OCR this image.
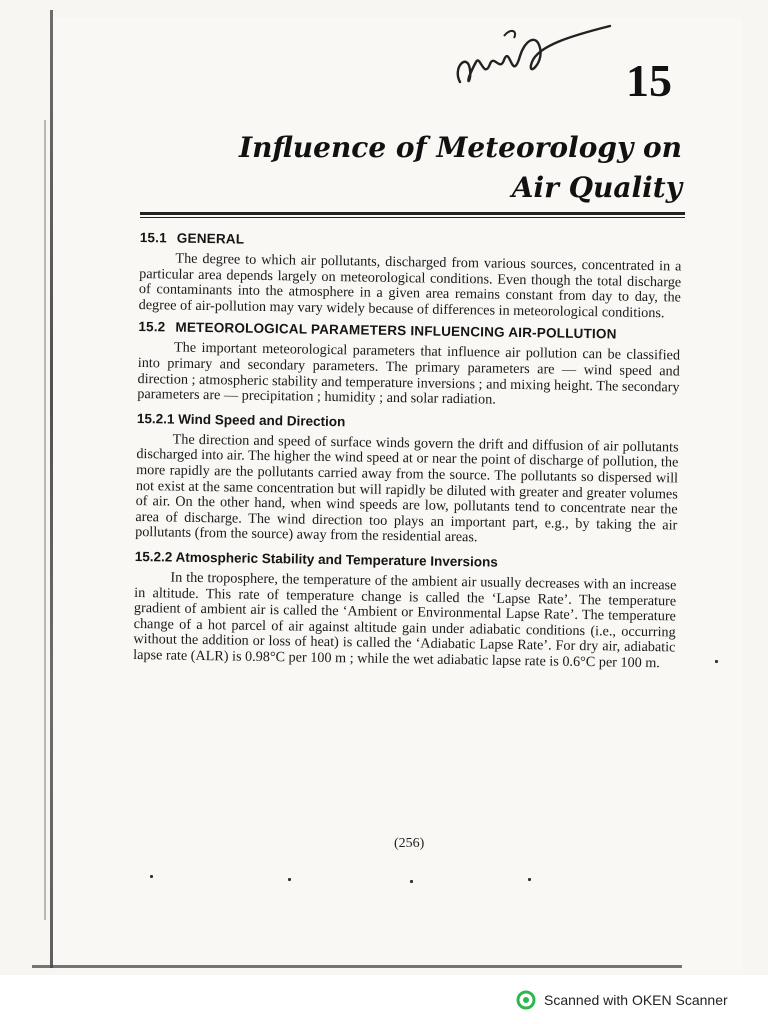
15
Influence of Meteorology on
Air Quality
15.1 GENERAL

The degree to which air pollutants, discharged from various sources, concentrated in a particular area depends largely on meteorological conditions. Even though the total discharge of contaminants into the atmosphere in a given area remains constant from day to day, the degree of air-pollution may vary widely because of differences in meteorological conditions.

15.2 METEOROLOGICAL PARAMETERS INFLUENCING AIR-POLLUTION

The important meteorological parameters that influence air pollution can be classified into primary and secondary parameters. The primary parameters are — wind speed and direction ; atmospheric stability and temperature inversions ; and mixing height. The secondary parameters are — precipitation ; humidity ; and solar radiation.

15.2.1 Wind Speed and Direction

The direction and speed of surface winds govern the drift and diffusion of air pollutants discharged into air. The higher the wind speed at or near the point of discharge of pollution, the more rapidly are the pollutants carried away from the source. The pollutants so dispersed will not exist at the same concentration but will rapidly be diluted with greater and greater volumes of air. On the other hand, when wind speeds are low, pollutants tend to concentrate near the area of discharge. The wind direction too plays an important part, e.g., by taking the air pollutants (from the source) away from the residential areas.

15.2.2 Atmospheric Stability and Temperature Inversions

In the troposphere, the temperature of the ambient air usually decreases with an increase in altitude. This rate of temperature change is called the ‘Lapse Rate’. The temperature gradient of ambient air is called the ‘Ambient or Environmental Lapse Rate’. The temperature change of a hot parcel of air against altitude gain under adiabatic conditions (i.e., occurring without the addition or loss of heat) is called the ‘Adiabatic Lapse Rate’. For dry air, adiabatic lapse rate (ALR) is 0.98°C per 100 m ; while the wet adiabatic lapse rate is 0.6°C per 100 m.

(256)
Scanned with OKEN Scanner
